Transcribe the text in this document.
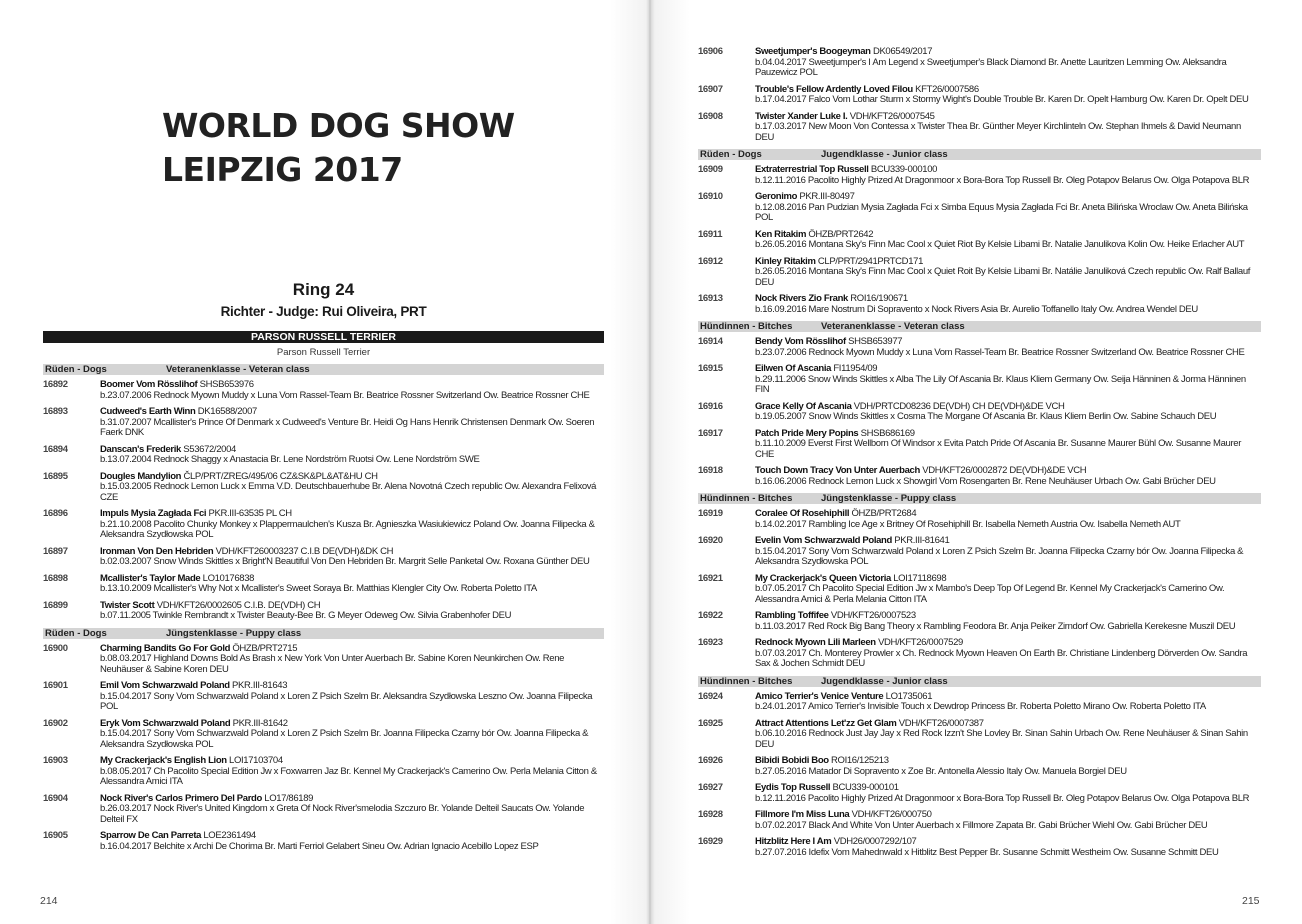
WORLD DOG SHOW
LEIPZIG 2017
Ring 24
Richter - Judge: Rui Oliveira, PRT
PARSON RUSSELL TERRIER
Parson Russell Terrier
Rüden - Dogs	Veteranenklasse - Veteran class
16892	Boomer Vom Rösslihof SHSB653976
b.23.07.2006 Rednock Myown Muddy x Luna Vom Rassel-Team Br. Beatrice Rossner Switzerland Ow. Beatrice Rossner CHE
16893	Cudweed's Earth Winn DK16588/2007
b.31.07.2007 Mcallister's Prince Of Denmark x Cudweed's Venture Br. Heidi Og Hans Henrik Christensen Denmark Ow. Soeren Faerk DNK
16894	Danscan's Frederik S53672/2004
b.13.07.2004 Rednock Shaggy x Anastacia Br. Lene Nordström Ruotsi Ow. Lene Nordström SWE
16895	Dougles Mandylion ČLP/PRT/ZREG/495/06 CZ&SK&PL&AT&HU CH
b.15.03.2005 Rednock Lemon Luck x Emma V.D. Deutschbauerhube Br. Alena Novotná Czech republic Ow. Alexandra Felixová CZE
16896	Impuls Mysia Zagłada Fci PKR.III-63535 PL CH
b.21.10.2008 Pacolito Chunky Monkey x Plappermaulchen's Kusza Br. Agnieszka Wasiukiewicz Poland Ow. Joanna Filipecka & Aleksandra Szydłowska POL
16897	Ironman Von Den Hebriden VDH/KFT260003237 C.I.B DE(VDH)&DK CH
b.02.03.2007 Snow Winds Skittles x Bright'N Beautiful Von Den Hebriden Br. Margrit Selle Panketal Ow. Roxana Günther DEU
16898	Mcallister's Taylor Made LO10176838
b.13.10.2009 Mcallister's Why Not x Mcallister's Sweet Soraya Br. Matthias Klengler City Ow. Roberta Poletto ITA
16899	Twister Scott VDH/KFT26/0002605 C.I.B. DE(VDH) CH
b.07.11.2005 Twinkle Rembrandt x Twister Beauty-Bee Br. G Meyer Odeweg Ow. Silvia Grabenhofer DEU
Rüden - Dogs	Jüngstenklasse - Puppy class
16900	Charming Bandits Go For Gold ÖHZB/PRT2715
b.08.03.2017 Highland Downs Bold As Brash x New York Von Unter Auerbach Br. Sabine Koren Neunkirchen Ow. Rene Neuhäuser & Sabine Koren DEU
16901	Emil Vom Schwarzwald Poland PKR.III-81643
b.15.04.2017 Sony Vom Schwarzwald Poland x Loren Z Psich Szelm Br. Aleksandra Szydłowska Leszno Ow. Joanna Filipecka POL
16902	Eryk Vom Schwarzwald Poland PKR.III-81642
b.15.04.2017 Sony Vom Schwarzwald Poland x Loren Z Psich Szelm Br. Joanna Filipecka Czarny bór Ow. Joanna Filipecka & Aleksandra Szydłowska POL
16903	My Crackerjack's English Lion LOI17103704
b.08.05.2017 Ch Pacolito Special Edition Jw x Foxwarren Jaz Br. Kennel My Crackerjack's Camerino Ow. Perla Melania Citton & Alessandra Amici ITA
16904	Nock River's Carlos Primero Del Pardo LO17/86189
b.26.03.2017 Nock River's United Kingdom x Greta Of Nock River'smelodia Szczuro Br. Yolande Delteil Saucats Ow. Yolande Delteil FX
16905	Sparrow De Can Parreta LOE2361494
b.16.04.2017 Belchite x Archi De Chorima Br. Marti Ferriol Gelabert Sineu Ow. Adrian Ignacio Acebillo Lopez ESP
214	215
16906	Sweetjumper's Boogeyman DK06549/2017
b.04.04.2017 Sweetjumper's I Am Legend x Sweetjumper's Black Diamond Br. Anette Lauritzen Lemming Ow. Aleksandra Pauzewicz POL
16907	Trouble's Fellow Ardently Loved Filou KFT26/0007586
b.17.04.2017 Falco Vom Lothar Sturm x Stormy Wight's Double Trouble Br. Karen Dr. Opelt Hamburg Ow. Karen Dr. Opelt DEU
16908	Twister Xander Luke I. VDH/KFT26/0007545
b.17.03.2017 New Moon Von Contessa x Twister Thea Br. Günther Meyer Kirchlinteln Ow. Stephan Ihmels & David Neumann DEU
Rüden - Dogs	Jugendklasse - Junior class
16909	Extraterrestrial Top Russell BCU339-000100
b.12.11.2016 Pacolito Highly Prized At Dragonmoor x Bora-Bora Top Russell Br. Oleg Potapov Belarus Ow. Olga Potapova BLR
16910	Geronimo PKR.III-80497
b.12.08.2016 Pan Pudzian Mysia Zagłada Fci x Simba Equus Mysia Zagłada Fci Br. Aneta Bilińska Wroclaw Ow. Aneta Bilińska POL
16911	Ken Ritakim ÖHZB/PRT2642
b.26.05.2016 Montana Sky's Finn Mac Cool x Quiet Riot By Kelsie Libami Br. Natalie Janulikova Kolin Ow. Heike Erlacher AUT
16912	Kinley Ritakim CLP/PRT/2941PRTCD171
b.26.05.2016 Montana Sky's Finn Mac Cool x Quiet Roit By Kelsie Libami Br. Natálie Januliková Czech republic Ow. Ralf Ballauf DEU
16913	Nock Rivers Zio Frank ROI16/190671
b.16.09.2016 Mare Nostrum Di Sopravento x Nock Rivers Asia Br. Aurelio Toffanello Italy Ow. Andrea Wendel DEU
Hündinnen - Bitches	Veteranenklasse - Veteran class
16914	Bendy Vom Rösslihof SHSB653977
b.23.07.2006 Rednock Myown Muddy x Luna Vom Rassel-Team Br. Beatrice Rossner Switzerland Ow. Beatrice Rossner CHE
16915	Eilwen Of Ascania FI11954/09
b.29.11.2006 Snow Winds Skittles x Alba The Lily Of Ascania Br. Klaus Kliem Germany Ow. Seija Hänninen & Jorma Hänninen FIN
16916	Grace Kelly Of Ascania VDH/PRTCD08236 DE(VDH) CH DE(VDH)&DE VCH
b.19.05.2007 Snow Winds Skittles x Cosma The Morgane Of Ascania Br. Klaus Kliem Berlin Ow. Sabine Schauch DEU
16917	Patch Pride Mery Popins SHSB686169
b.11.10.2009 Everst First Wellborn Of Windsor x Evita Patch Pride Of Ascania Br. Susanne Maurer Bühl Ow. Susanne Maurer CHE
16918	Touch Down Tracy Von Unter Auerbach VDH/KFT26/0002872 DE(VDH)&DE VCH
b.16.06.2006 Rednock Lemon Luck x Showgirl Vom Rosengarten Br. Rene Neuhäuser Urbach Ow. Gabi Brücher DEU
Hündinnen - Bitches	Jüngstenklasse - Puppy class
16919	Coralee Of Rosehiphill ÖHZB/PRT2684
b.14.02.2017 Rambling Ice Age x Britney Of Rosehiphill Br. Isabella Nemeth Austria Ow. Isabella Nemeth AUT
16920	Evelin Vom Schwarzwald Poland PKR.III-81641
b.15.04.2017 Sony Vom Schwarzwald Poland x Loren Z Psich Szelm Br. Joanna Filipecka Czarny bór Ow. Joanna Filipecka & Aleksandra Szydłowska POL
16921	My Crackerjack's Queen Victoria LOI17118698
b.07.05.2017 Ch Pacolito Special Edition Jw x Mambo's Deep Top Of Legend Br. Kennel My Crackerjack's Camerino Ow. Alessandra Amici & Perla Melania Citton ITA
16922	Rambling Toffifee VDH/KFT26/0007523
b.11.03.2017 Red Rock Big Bang Theory x Rambling Feodora Br. Anja Peiker Zirndorf Ow. Gabriella Kerekesne Muszil DEU
16923	Rednock Myown Lili Marleen VDH/KFT26/0007529
b.07.03.2017 Ch. Monterey Prowler x Ch. Rednock Myown Heaven On Earth Br. Christiane Lindenberg Dörverden Ow. Sandra Sax & Jochen Schmidt DEU
Hündinnen - Bitches	Jugendklasse - Junior class
16924	Amico Terrier's Venice Venture LO1735061
b.24.01.2017 Amico Terrier's Invisible Touch x Dewdrop Princess Br. Roberta Poletto Mirano Ow. Roberta Poletto ITA
16925	Attract Attentions Let'zz Get Glam VDH/KFT26/0007387
b.06.10.2016 Rednock Just Jay Jay x Red Rock Izzn't She Lovley Br. Sinan Sahin Urbach Ow. Rene Neuhäuser & Sinan Sahin DEU
16926	Bibidi Bobidi Boo ROI16/125213
b.27.05.2016 Matador Di Sopravento x Zoe Br. Antonella Alessio Italy Ow. Manuela Borgiel DEU
16927	Eydis Top Russell BCU339-000101
b.12.11.2016 Pacolito Highly Prized At Dragonmoor x Bora-Bora Top Russell Br. Oleg Potapov Belarus Ow. Olga Potapova BLR
16928	Fillmore I'm Miss Luna VDH/KFT26/000750
b.07.02.2017 Black And White Von Unter Auerbach x Fillmore Zapata Br. Gabi Brücher Wiehl Ow. Gabi Brücher DEU
16929	Hitzblitz Here I Am VDH26/0007292/107
b.27.07.2016 Idefix Vom Mahednwald x Hitblitz Best Pepper Br. Susanne Schmitt Westheim Ow. Susanne Schmitt DEU
